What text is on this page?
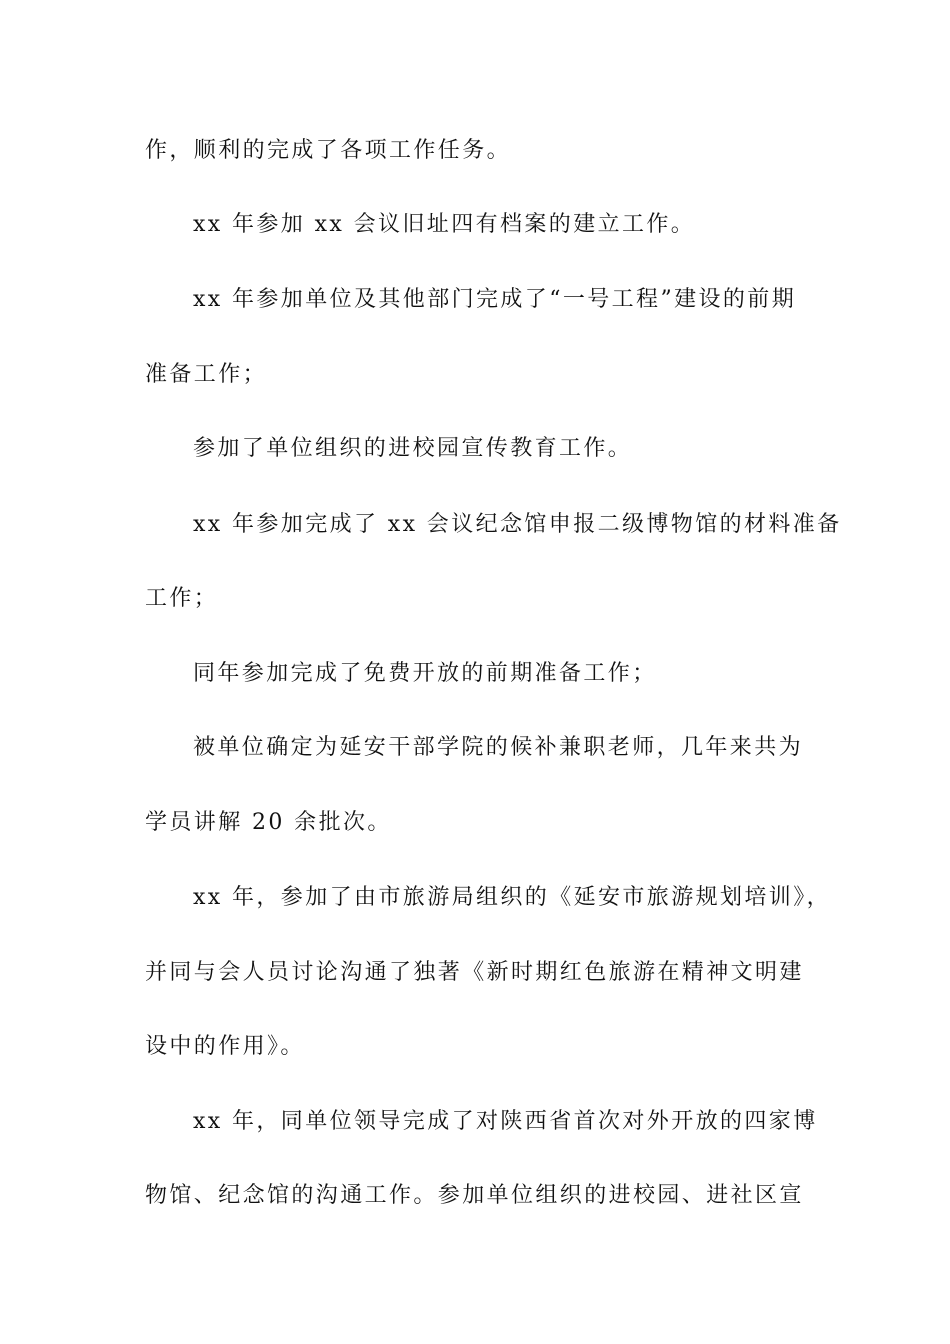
作，顺利的完成了各项工作任务。

xx 年参加 xx 会议旧址四有档案的建立工作。

xx 年参加单位及其他部门完成了“一号工程”建设的前期

准备工作；

参加了单位组织的进校园宣传教育工作。

xx 年参加完成了 xx 会议纪念馆申报二级博物馆的材料准备

工作；

同年参加完成了免费开放的前期准备工作；

被单位确定为延安干部学院的候补兼职老师，几年来共为

学员讲解 20 余批次。

xx 年，参加了由市旅游局组织的《延安市旅游规划培训》，

并同与会人员讨论沟通了独著《新时期红色旅游在精神文明建

设中的作用》。

xx 年，同单位领导完成了对陕西省首次对外开放的四家博

物馆、纪念馆的沟通工作。参加单位组织的进校园、进社区宣
